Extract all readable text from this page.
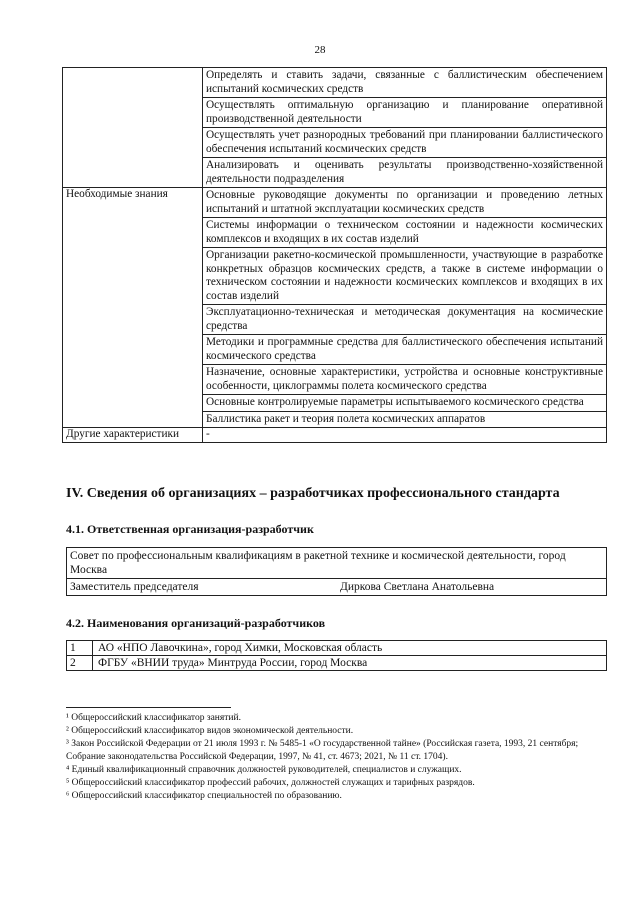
28
	Определять и ставить задачи, связанные с баллистическим обеспечением испытаний космических средств
	Осуществлять оптимальную организацию и планирование оперативной производственной деятельности
	Осуществлять учет разнородных требований при планировании баллистического обеспечения испытаний космических средств
	Анализировать и оценивать результаты производственно-хозяйственной деятельности подразделения
Необходимые знания	Основные руководящие документы по организации и проведению летных испытаний и штатной эксплуатации космических средств
	Системы информации о техническом состоянии и надежности космических комплексов и входящих в их состав изделий
	Организации ракетно-космической промышленности, участвующие в разработке конкретных образцов космических средств, а также в системе информации о техническом состоянии и надежности космических комплексов и входящих в их состав изделий
	Эксплуатационно-техническая и методическая документация на космические средства
	Методики и программные средства для баллистического обеспечения испытаний космического средства
	Назначение, основные характеристики, устройства и основные конструктивные особенности, циклограммы полета космического средства
	Основные контролируемые параметры испытываемого космического средства
	Баллистика ракет и теория полета космических аппаратов
Другие характеристики	-
IV. Сведения об организациях – разработчиках профессионального стандарта
4.1. Ответственная организация-разработчик
Совет по профессиональным квалификациям в ракетной технике и космической деятельности, город Москва

Заместитель председателя	Диркова Светлана Анатольевна
4.2. Наименования организаций-разработчиков
1	АО «НПО Лавочкина», город Химки, Московская область
2	ФГБУ «ВНИИ труда» Минтруда России, город Москва
¹ Общероссийский классификатор занятий.
² Общероссийский классификатор видов экономической деятельности.
³ Закон Российской Федерации от 21 июля 1993 г. № 5485-1 «О государственной тайне» (Российская газета, 1993, 21 сентября; Собрание законодательства Российской Федерации, 1997, № 41, ст. 4673; 2021, № 11 ст. 1704).
⁴ Единый квалификационный справочник должностей руководителей, специалистов и служащих.
⁵ Общероссийский классификатор профессий рабочих, должностей служащих и тарифных разрядов.
⁶ Общероссийский классификатор специальностей по образованию.
